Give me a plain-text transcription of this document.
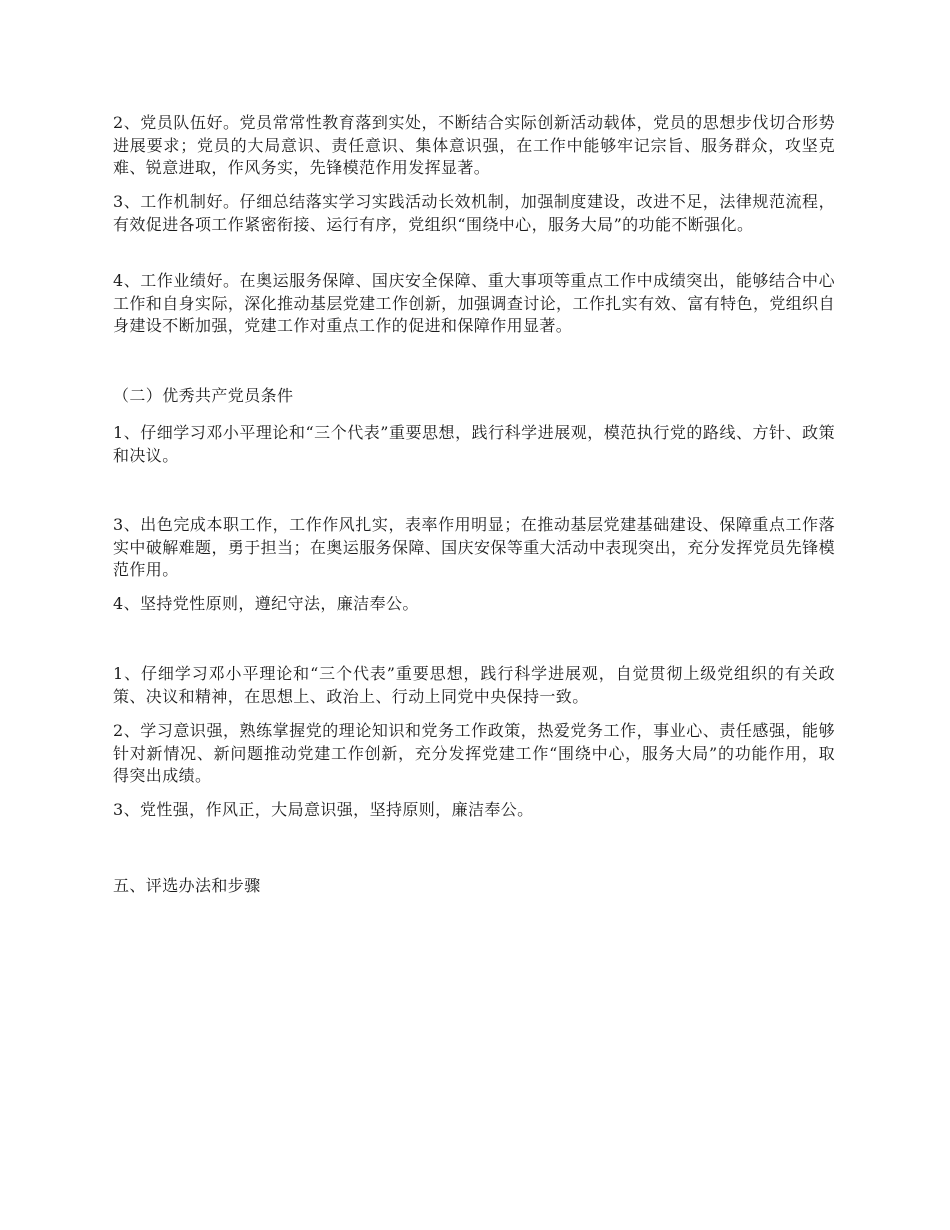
2、党员队伍好。党员常常性教育落到实处，不断结合实际创新活动载体，党员的思想步伐切合形势进展要求；党员的大局意识、责任意识、集体意识强，在工作中能够牢记宗旨、服务群众，攻坚克难、锐意进取，作风务实，先锋模范作用发挥显著。

3、工作机制好。仔细总结落实学习实践活动长效机制，加强制度建设，改进不足，法律规范流程，有效促进各项工作紧密衔接、运行有序，党组织“围绕中心，服务大局”的功能不断强化。

4、工作业绩好。在奥运服务保障、国庆安全保障、重大事项等重点工作中成绩突出，能够结合中心工作和自身实际，深化推动基层党建工作创新，加强调查讨论，工作扎实有效、富有特色，党组织自身建设不断加强，党建工作对重点工作的促进和保障作用显著。

（二）优秀共产党员条件

1、仔细学习邓小平理论和“三个代表”重要思想，践行科学进展观，模范执行党的路线、方针、政策和决议。

3、出色完成本职工作，工作作风扎实，表率作用明显；在推动基层党建基础建设、保障重点工作落实中破解难题，勇于担当；在奥运服务保障、国庆安保等重大活动中表现突出，充分发挥党员先锋模范作用。

4、坚持党性原则，遵纪守法，廉洁奉公。

1、仔细学习邓小平理论和“三个代表”重要思想，践行科学进展观，自觉贯彻上级党组织的有关政策、决议和精神，在思想上、政治上、行动上同党中央保持一致。

2、学习意识强，熟练掌握党的理论知识和党务工作政策，热爱党务工作，事业心、责任感强，能够针对新情况、新问题推动党建工作创新，充分发挥党建工作“围绕中心，服务大局”的功能作用，取得突出成绩。

3、党性强，作风正，大局意识强，坚持原则，廉洁奉公。

五、评选办法和步骤
